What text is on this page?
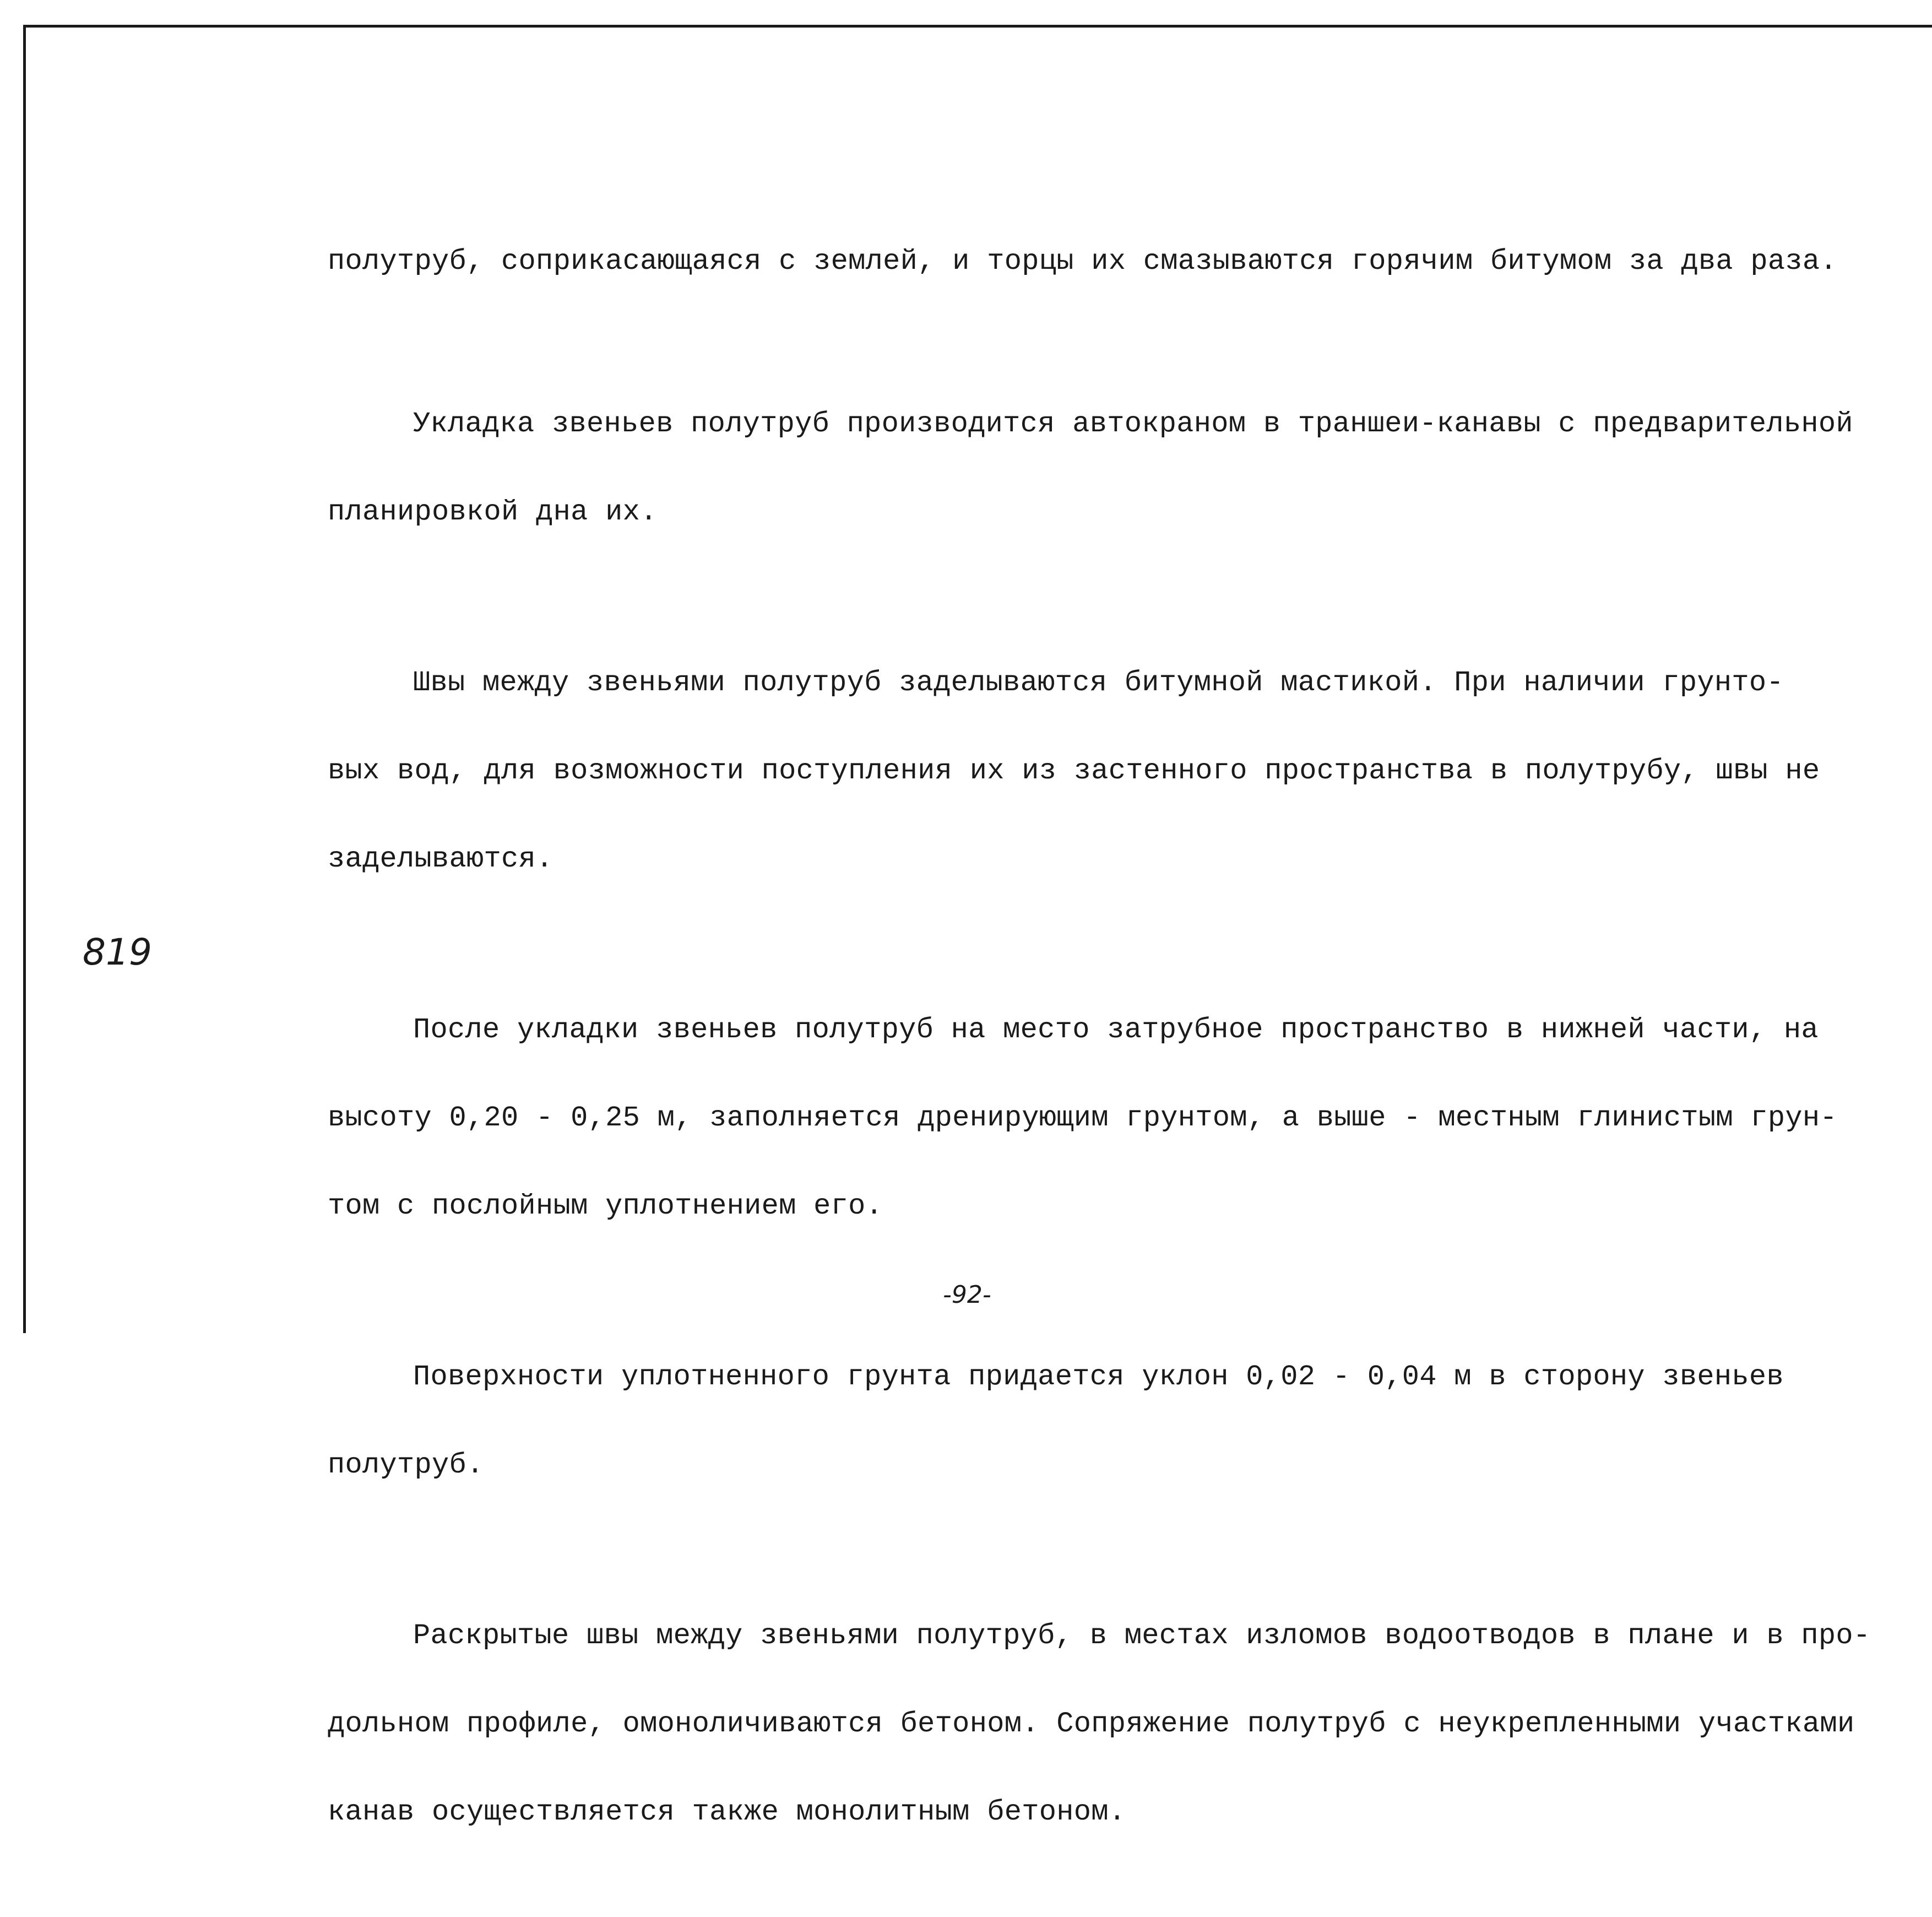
полутруб, соприкасающаяся с землей, и торцы их смазываются горячим битумом за два раза.

Укладка звеньев полутруб производится автокраном в траншеи-канавы с предварительной

планировкой дна их.

Швы между звеньями полутруб заделываются битумной мастикой. При наличии грунто-

вых вод, для возможности поступления их из застенного пространства в полутрубу, швы не

заделываются.

После укладки звеньев полутруб на место затрубное пространство в нижней части, на

высоту 0,20 - 0,25 м, заполняется дренирующим грунтом, а выше - местным глинистым грун-

том с послойным уплотнением его.

Поверхности уплотненного грунта придается уклон 0,02 - 0,04 м в сторону звеньев

полутруб.

Раскрытые швы между звеньями полутруб, в местах изломов водоотводов в плане и в про-

дольном профиле, омоноличиваются бетоном. Сопряжение полутруб с неукрепленными участками

канав осуществляется также монолитным бетоном.

819
-92-
